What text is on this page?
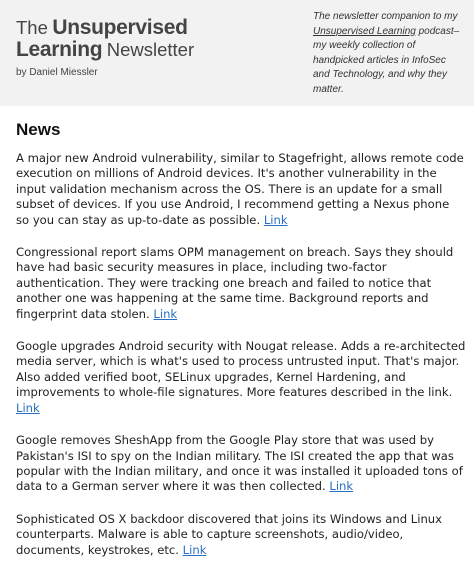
The Unsupervised
Learning Newsletter
by Daniel Miessler
The newsletter companion to my Unsupervised Learning podcast–my weekly collection of handpicked articles in InfoSec and Technology, and why they matter.
News

A major new Android vulnerability, similar to Stagefright, allows remote code execution on millions of Android devices. It's another vulnerability in the input validation mechanism across the OS. There is an update for a small subset of devices. If you use Android, I recommend getting a Nexus phone so you can stay as up-to-date as possible. Link

Congressional report slams OPM management on breach. Says they should have had basic security measures in place, including two-factor authentication. They were tracking one breach and failed to notice that another one was happening at the same time. Background reports and fingerprint data stolen. Link

Google upgrades Android security with Nougat release. Adds a re-architected media server, which is what's used to process untrusted input. That's major. Also added verified boot, SELinux upgrades, Kernel Hardening, and improvements to whole-file signatures. More features described in the link. Link

Google removes SheshApp from the Google Play store that was used by Pakistan's ISI to spy on the Indian military. The ISI created the app that was popular with the Indian military, and once it was installed it uploaded tons of data to a German server where it was then collected. Link

Sophisticated OS X backdoor discovered that joins its Windows and Linux counterparts. Malware is able to capture screenshots, audio/video, documents, keystrokes, etc. Link
